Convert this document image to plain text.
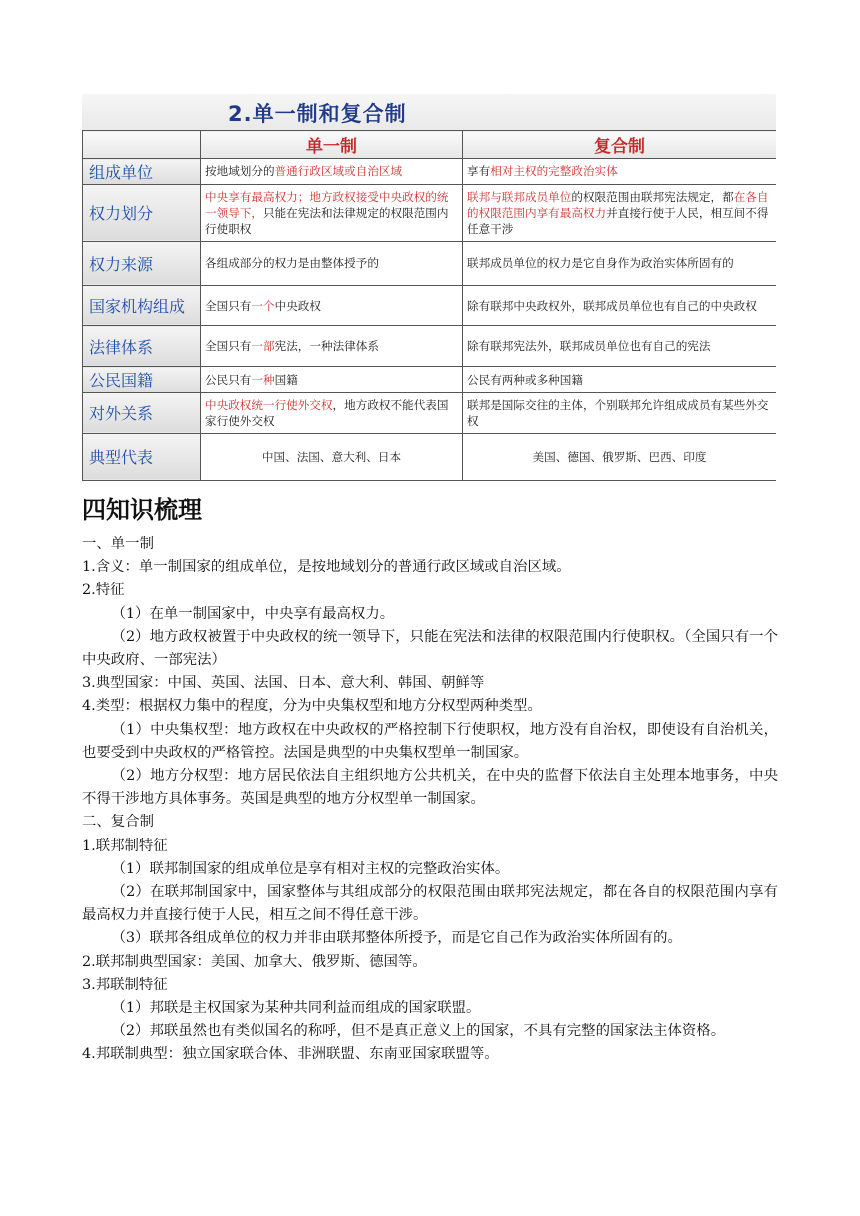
2.单一制和复合制
	单一制	复合制
组成单位	按地域划分的普通行政区域或自治区域	享有相对主权的完整政治实体
权力划分	中央享有最高权力；地方政权接受中央政权的统一领导下，只能在宪法和法律规定的权限范围内行使职权	联邦与联邦成员单位的权限范围由联邦宪法规定，都在各自的权限范围内享有最高权力并直接行使于人民，相互间不得任意干涉
权力来源	各组成部分的权力是由整体授予的	联邦成员单位的权力是它自身作为政治实体所固有的
国家机构组成	全国只有一个中央政权	除有联邦中央政权外，联邦成员单位也有自己的中央政权
法律体系	全国只有一部宪法，一种法律体系	除有联邦宪法外，联邦成员单位也有自己的宪法
公民国籍	公民只有一种国籍	公民有两种或多种国籍
对外关系	中央政权统一行使外交权，地方政权不能代表国家行使外交权	联邦是国际交往的主体，个别联邦允许组成成员有某些外交权
典型代表	中国、法国、意大利、日本	美国、德国、俄罗斯、巴西、印度
四知识梳理

一、单一制

1.含义：单一制国家的组成单位，是按地域划分的普通行政区域或自治区域。

2.特征

（1）在单一制国家中，中央享有最高权力。

（2）地方政权被置于中央政权的统一领导下，只能在宪法和法律的权限范围内行使职权。（全国只有一个中央政府、一部宪法）

3.典型国家：中国、英国、法国、日本、意大利、韩国、朝鲜等

4.类型：根据权力集中的程度，分为中央集权型和地方分权型两种类型。

（1）中央集权型：地方政权在中央政权的严格控制下行使职权，地方没有自治权，即使设有自治机关，也要受到中央政权的严格管控。法国是典型的中央集权型单一制国家。

（2）地方分权型：地方居民依法自主组织地方公共机关，在中央的监督下依法自主处理本地事务，中央不得干涉地方具体事务。英国是典型的地方分权型单一制国家。

二、复合制

1.联邦制特征

（1）联邦制国家的组成单位是享有相对主权的完整政治实体。

（2）在联邦制国家中，国家整体与其组成部分的权限范围由联邦宪法规定，都在各自的权限范围内享有最高权力并直接行使于人民，相互之间不得任意干涉。

（3）联邦各组成单位的权力并非由联邦整体所授予，而是它自己作为政治实体所固有的。

2.联邦制典型国家：美国、加拿大、俄罗斯、德国等。

3.邦联制特征

（1）邦联是主权国家为某种共同利益而组成的国家联盟。

（2）邦联虽然也有类似国名的称呼，但不是真正意义上的国家，不具有完整的国家法主体资格。

4.邦联制典型：独立国家联合体、非洲联盟、东南亚国家联盟等。
